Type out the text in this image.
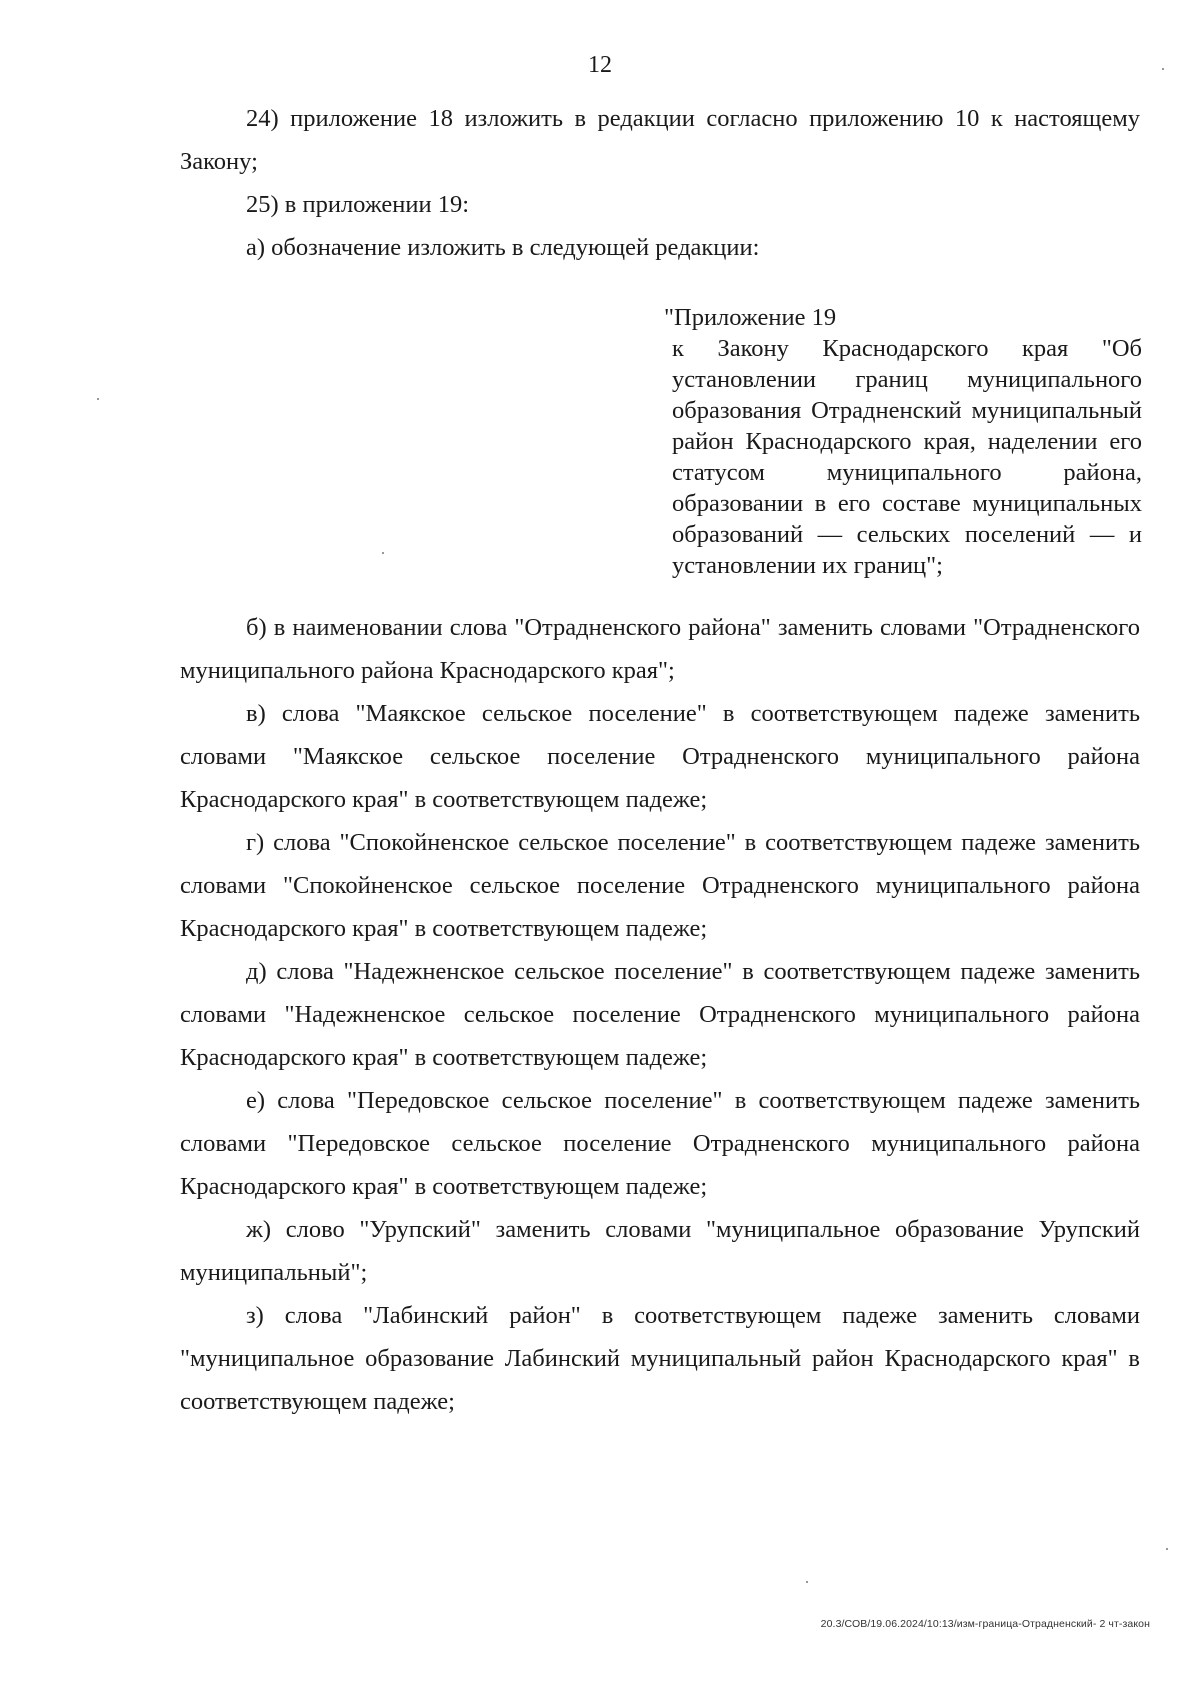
12

24) приложение 18 изложить в редакции согласно приложению 10 к настоящему Закону;

25) в приложении 19:

а) обозначение изложить в следующей редакции:

"Приложение 19

к Закону Краснодарского края "Об установлении границ муниципального образования Отрадненский муниципальный район Краснодарского края, наделении его статусом муниципального района, образовании в его составе муниципальных образований — сельских поселений — и установлении их границ";

б) в наименовании слова "Отрадненского района" заменить словами "Отрадненского муниципального района Краснодарского края";

в) слова "Маякское сельское поселение" в соответствующем падеже заменить словами "Маякское сельское поселение Отрадненского муниципального района Краснодарского края" в соответствующем падеже;

г) слова "Спокойненское сельское поселение" в соответствующем падеже заменить словами "Спокойненское сельское поселение Отрадненского муниципального района Краснодарского края" в соответствующем падеже;

д) слова "Надежненское сельское поселение" в соответствующем падеже заменить словами "Надежненское сельское поселение Отрадненского муниципального района Краснодарского края" в соответствующем падеже;

е) слова "Передовское сельское поселение" в соответствующем падеже заменить словами "Передовское сельское поселение Отрадненского муниципального района Краснодарского края" в соответствующем падеже;

ж) слово "Урупский" заменить словами "муниципальное образование Урупский муниципальный";

з) слова "Лабинский район" в соответствующем падеже заменить словами "муниципальное образование Лабинский муниципальный район Краснодарского края" в соответствующем падеже;

20.3/СОВ/19.06.2024/10:13/изм-граница-Отрадненский- 2 чт-закон
